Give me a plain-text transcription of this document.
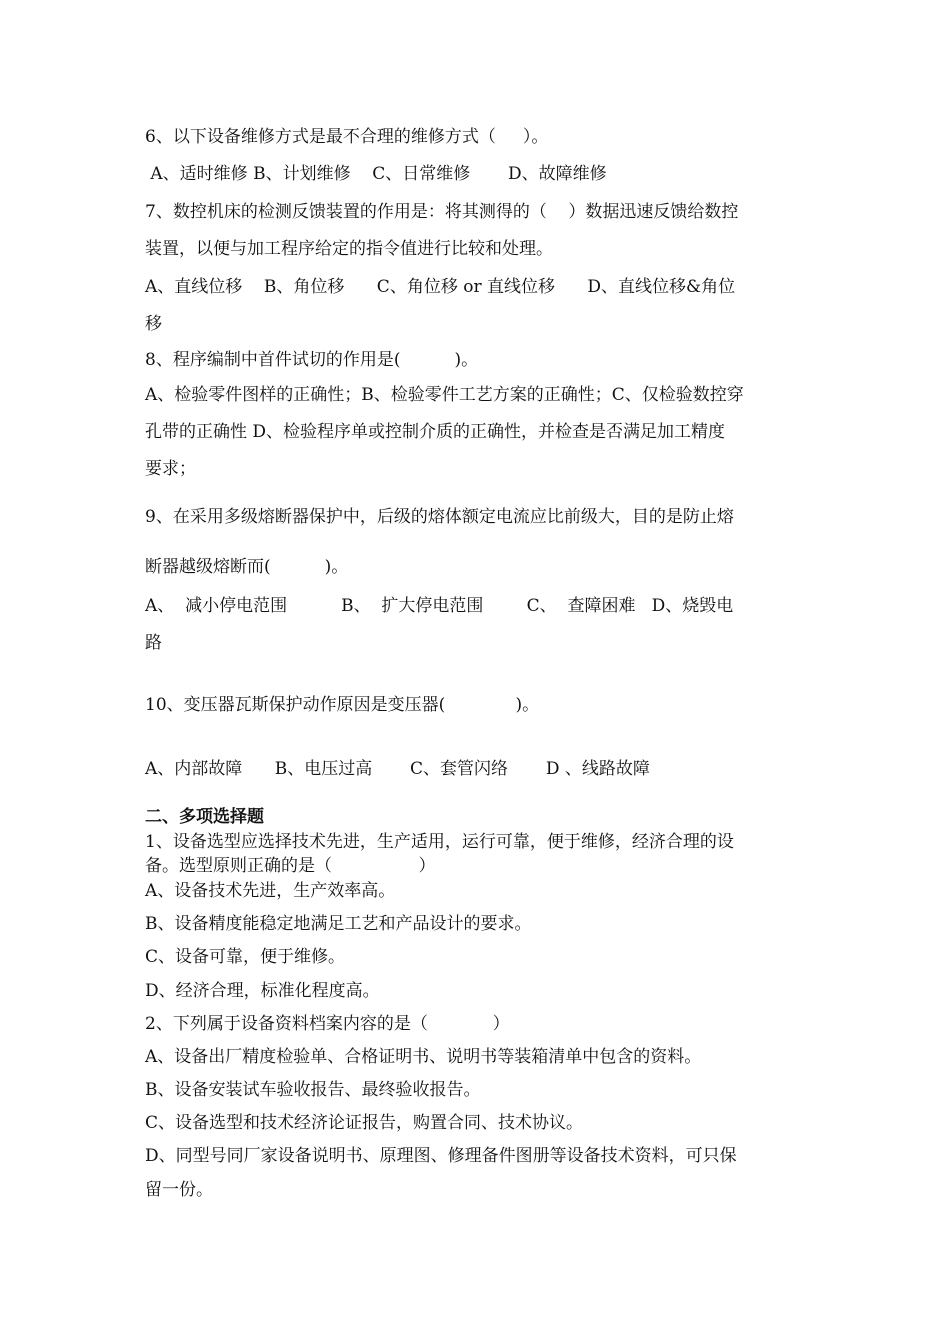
6、以下设备维修方式是最不合理的维修方式（     ）。

A、适时维修 B、计划维修    C、日常维修       D、故障维修

7、数控机床的检测反馈装置的作用是：将其测得的（    ）数据迅速反馈给数控

装置，以便与加工程序给定的指令值进行比较和处理。

A、直线位移    B、角位移      C、角位移 or 直线位移      D、直线位移&角位

移

8、程序编制中首件试切的作用是(          )。

A、检验零件图样的正确性；B、检验零件工艺方案的正确性；C、仅检验数控穿

孔带的正确性 D、检验程序单或控制介质的正确性，并检查是否满足加工精度

要求；

9、在采用多级熔断器保护中，后级的熔体额定电流应比前级大，目的是防止熔

断器越级熔断而(          )。

A、  减小停电范围          B、  扩大停电范围        C、  查障困难   D、烧毁电

路

10、变压器瓦斯保护动作原因是变压器(             )。

A、内部故障      B、电压过高       C、套管闪络       D 、线路故障

二、多项选择题

1、设备选型应选择技术先进，生产适用，运行可靠，便于维修，经济合理的设

备。选型原则正确的是（                ）

A、设备技术先进，生产效率高。

B、设备精度能稳定地满足工艺和产品设计的要求。

C、设备可靠，便于维修。

D、经济合理，标准化程度高。

2、下列属于设备资料档案内容的是（            ）

A、设备出厂精度检验单、合格证明书、说明书等装箱清单中包含的资料。

B、设备安装试车验收报告、最终验收报告。

C、设备选型和技术经济论证报告，购置合同、技术协议。

D、同型号同厂家设备说明书、原理图、修理备件图册等设备技术资料，可只保

留一份。
